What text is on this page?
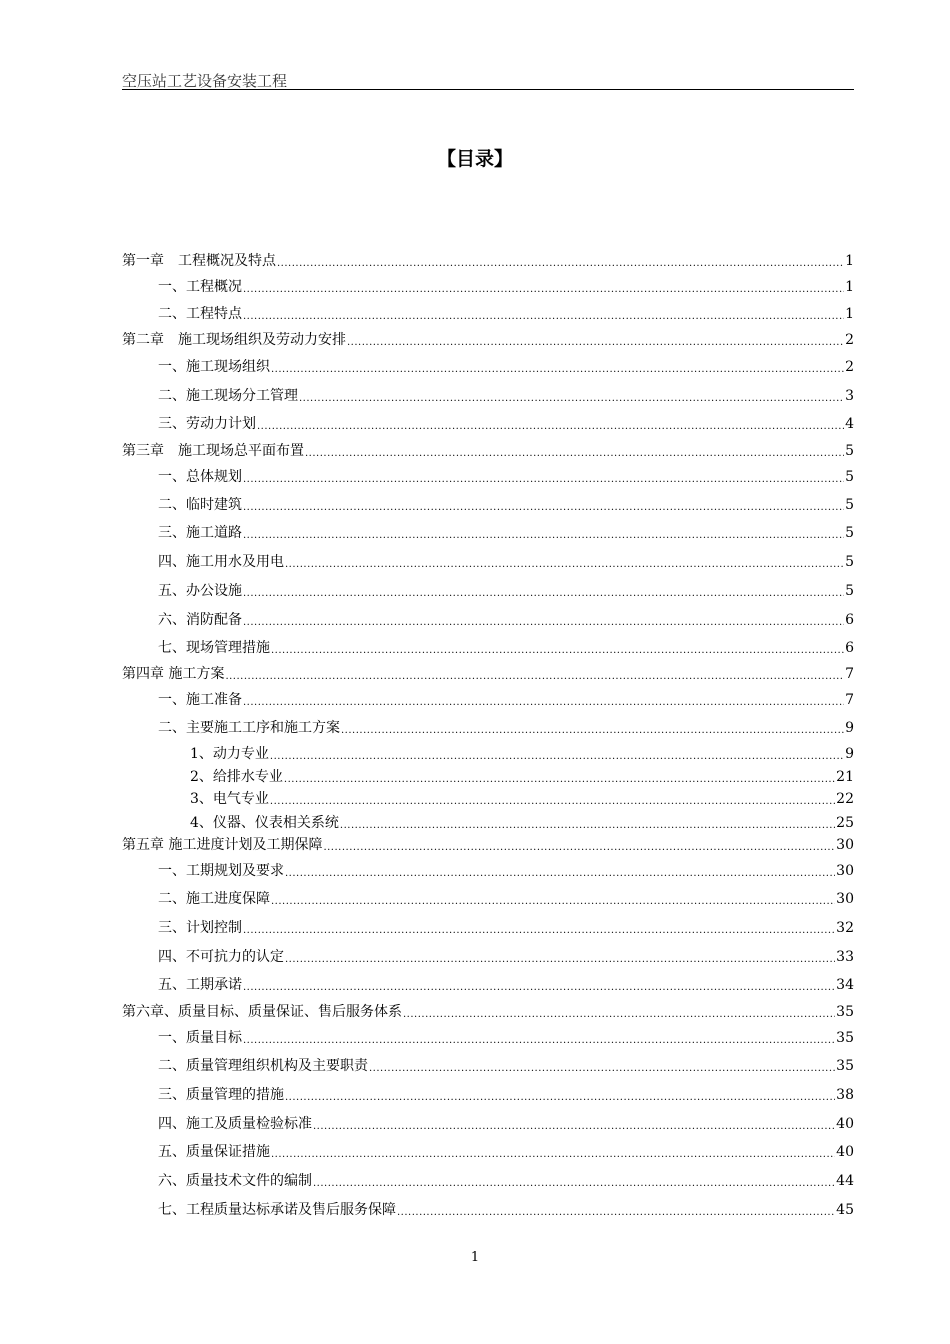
空压站工艺设备安装工程
【目录】
第一章　工程概况及特点 .....	1
一、工程概况 .....	1
二、工程特点 .....	1
第二章　施工现场组织及劳动力安排 .....	2
一、施工现场组织 .....	2
二、施工现场分工管理 .....	3
三、劳动力计划 .....	4
第三章　施工现场总平面布置 .....	5
一、总体规划 .....	5
二、临时建筑 .....	5
三、施工道路 .....	5
四、施工用水及用电 .....	5
五、办公设施 .....	5
六、消防配备 .....	6
七、现场管理措施 .....	6
第四章 施工方案 .....	7
一、施工准备 .....	7
二、主要施工工序和施工方案 .....	9
1、动力专业 .....	9
2、给排水专业 .....	21
3、电气专业 .....	22
4、仪器、仪表相关系统 .....	25
第五章 施工进度计划及工期保障 .....	30
一、工期规划及要求 .....	30
二、施工进度保障 .....	30
三、计划控制 .....	32
四、不可抗力的认定 .....	33
五、工期承诺 .....	34
第六章、质量目标、质量保证、售后服务体系 .....	35
一、质量目标 .....	35
二、质量管理组织机构及主要职责 .....	35
三、质量管理的措施 .....	38
四、施工及质量检验标准 .....	40
五、质量保证措施 .....	40
六、质量技术文件的编制 .....	44
七、工程质量达标承诺及售后服务保障 .....	45
1
